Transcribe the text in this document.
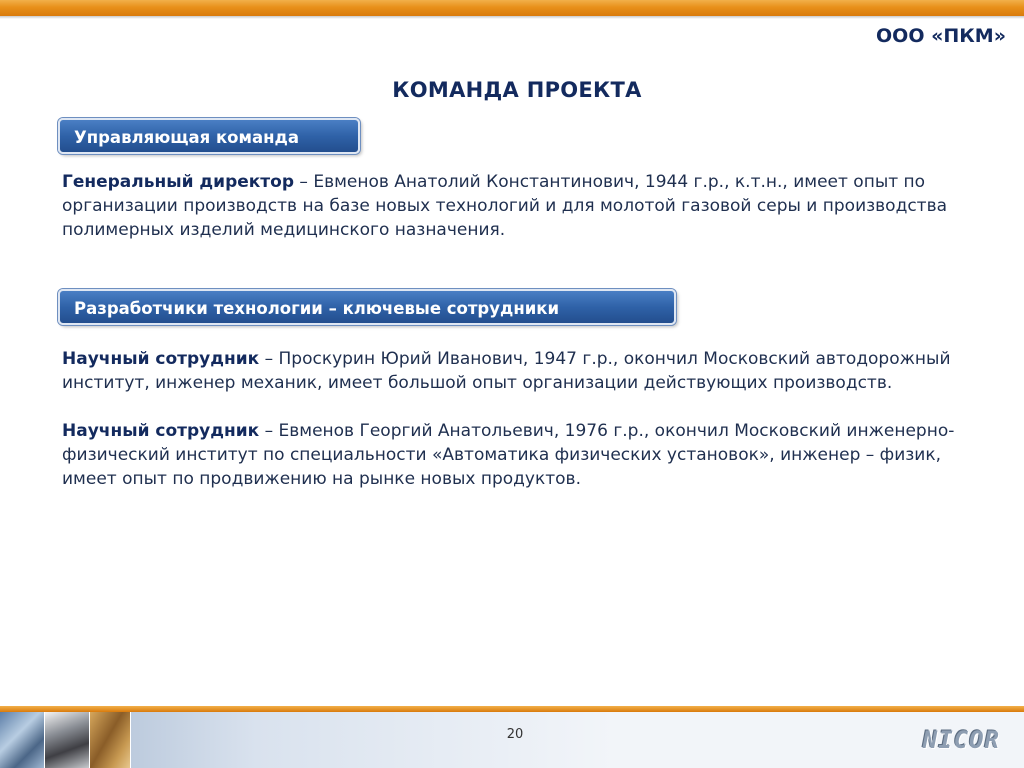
ООО «ПКМ»
КОМАНДА ПРОЕКТА
Управляющая команда
Генеральный директор – Евменов Анатолий Константинович, 1944 г.р., к.т.н., имеет опыт по организации производств на базе новых технологий и для молотой газовой серы и производства полимерных изделий медицинского назначения.
Разработчики технологии – ключевые сотрудники
Научный сотрудник – Проскурин Юрий Иванович, 1947 г.р., окончил Московский автодорожный институт, инженер механик, имеет большой опыт организации действующих производств.
Научный сотрудник – Евменов Георгий Анатольевич, 1976 г.р., окончил Московский инженерно-физический институт по специальности «Автоматика физических установок», инженер – физик, имеет опыт по продвижению на рынке новых продуктов.
20	NICOR
